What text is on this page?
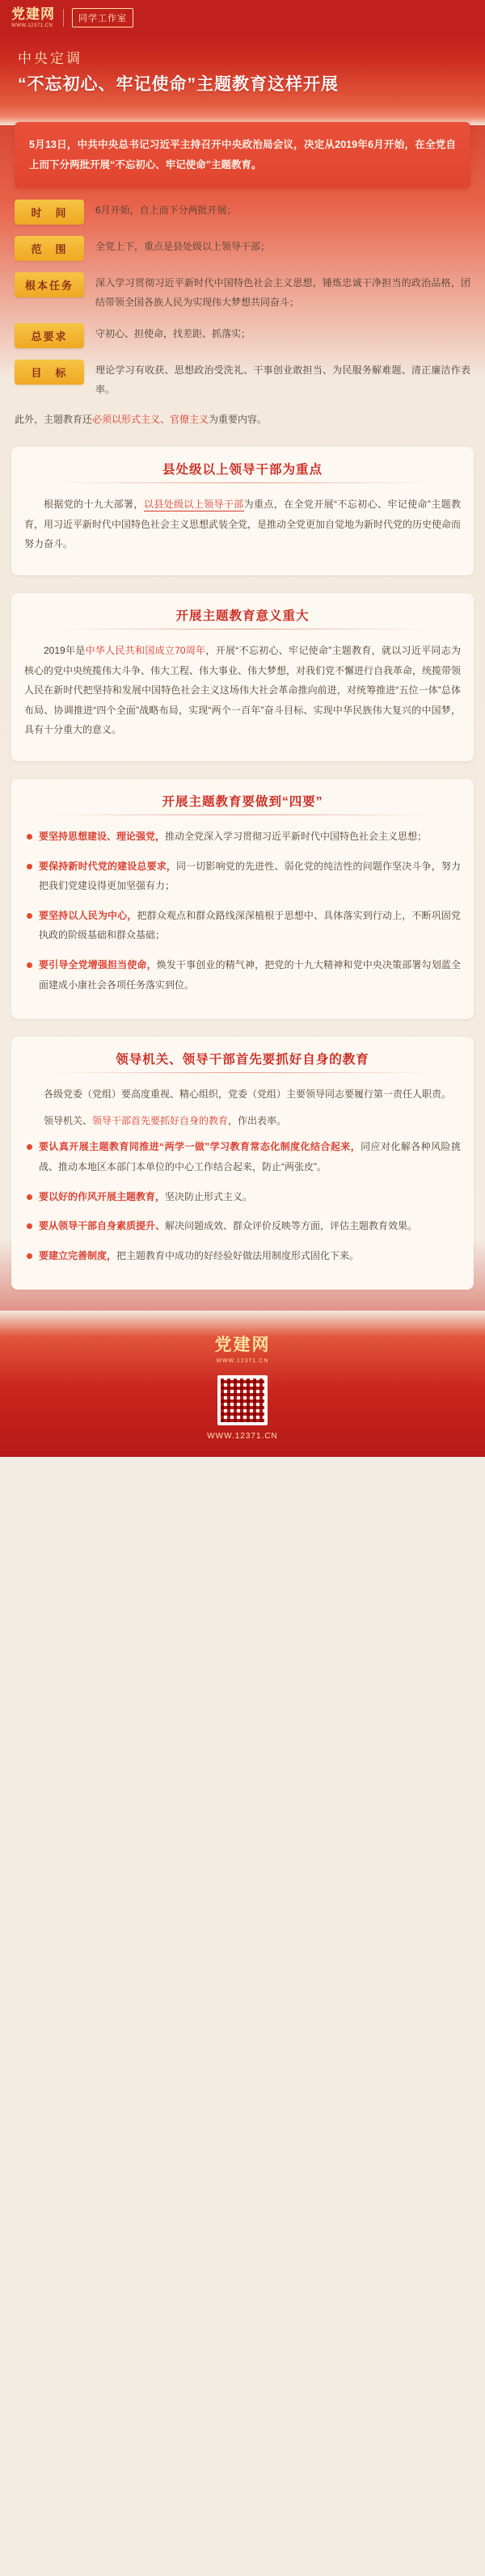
党建网
WWW.12371.CN
同学工作室
中央定调
“不忘初心、牢记使命”主题教育这样开展
5月13日，中共中央总书记习近平主持召开中央政治局会议，决定从2019年6月开始，在全党自上而下分两批开展“不忘初心、牢记使命”主题教育。
时　间	6月开始，自上而下分两批开展；
范　围	全党上下，重点是县处级以上领导干部；
根本任务	深入学习贯彻习近平新时代中国特色社会主义思想，锤炼忠诚干净担当的政治品格，团结带领全国各族人民为实现伟大梦想共同奋斗；
总要求	守初心、担使命，找差距、抓落实；
目　标	理论学习有收获、思想政治受洗礼、干事创业敢担当、为民服务解难题、清正廉洁作表率。
此外，主题教育还必须以形式主义、官僚主义为重要内容。
县处级以上领导干部为重点

根据党的十九大部署，以县处级以上领导干部为重点，在全党开展“不忘初心、牢记使命”主题教育，用习近平新时代中国特色社会主义思想武装全党，是推动全党更加自觉地为新时代党的历史使命而努力奋斗。

开展主题教育意义重大

2019年是中华人民共和国成立70周年，开展“不忘初心、牢记使命”主题教育，就以习近平同志为核心的党中央统揽伟大斗争、伟大工程、伟大事业、伟大梦想，对我们党不懈进行自我革命，统揽带领人民在新时代把坚持和发展中国特色社会主义这场伟大社会革命推向前进，对统筹推进“五位一体”总体布局、协调推进“四个全面”战略布局，实现“两个一百年”奋斗目标、实现中华民族伟大复兴的中国梦，具有十分重大的意义。

开展主题教育要做到“四要”
要坚持思想建设、理论强党，推动全党深入学习贯彻习近平新时代中国特色社会主义思想；
要保持新时代党的建设总要求，同一切影响党的先进性、弱化党的纯洁性的问题作坚决斗争，努力把我们党建设得更加坚强有力；
要坚持以人民为中心，把群众观点和群众路线深深植根于思想中、具体落实到行动上，不断巩固党执政的阶级基础和群众基础；
要引导全党增强担当使命，焕发干事创业的精气神，把党的十九大精神和党中央决策部署勾划蓝全面建成小康社会各项任务落实到位。
领导机关、领导干部首先要抓好自身的教育

各级党委（党组）要高度重视、精心组织，党委（党组）主要领导同志要履行第一责任人职责。

领导机关、领导干部首先要抓好自身的教育，作出表率。

要认真开展主题教育同推进“两学一做”学习教育常态化制度化结合起来，同应对化解各种风险挑战、推动本地区本部门本单位的中心工作结合起来，防止“两张皮”。
要以好的作风开展主题教育，坚决防止形式主义。
要从领导干部自身素质提升、解决问题成效、群众评价反映等方面，评估主题教育效果。
要建立完善制度，把主题教育中成功的好经验好做法用制度形式固化下来。
党建网
WWW.12371.CN
WWW.12371.CN
